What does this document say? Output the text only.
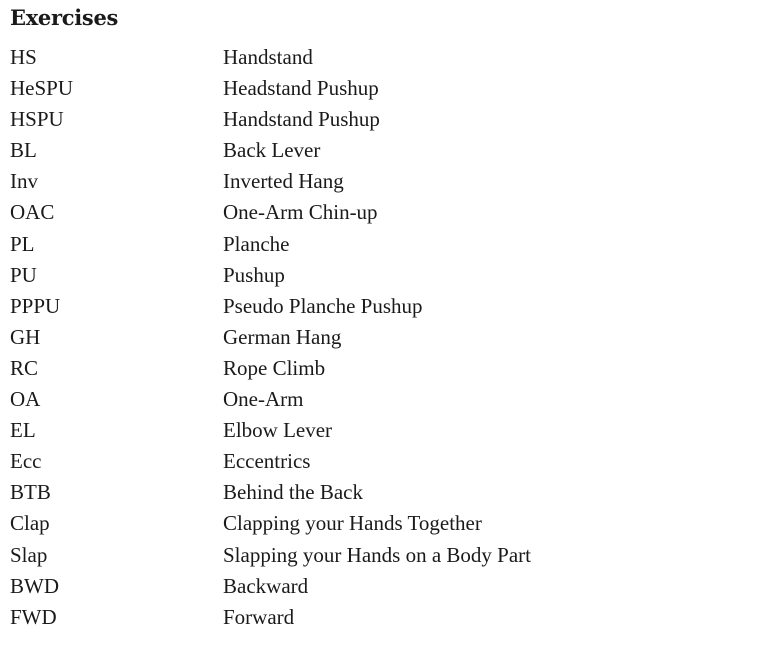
Exercises
HS	Handstand
HeSPU	Headstand Pushup
HSPU	Handstand Pushup
BL	Back Lever
Inv	Inverted Hang
OAC	One-Arm Chin-up
PL	Planche
PU	Pushup
PPPU	Pseudo Planche Pushup
GH	German Hang
RC	Rope Climb
OA	One-Arm
EL	Elbow Lever
Ecc	Eccentrics
BTB	Behind the Back
Clap	Clapping your Hands Together
Slap	Slapping your Hands on a Body Part
BWD	Backward
FWD	Forward
